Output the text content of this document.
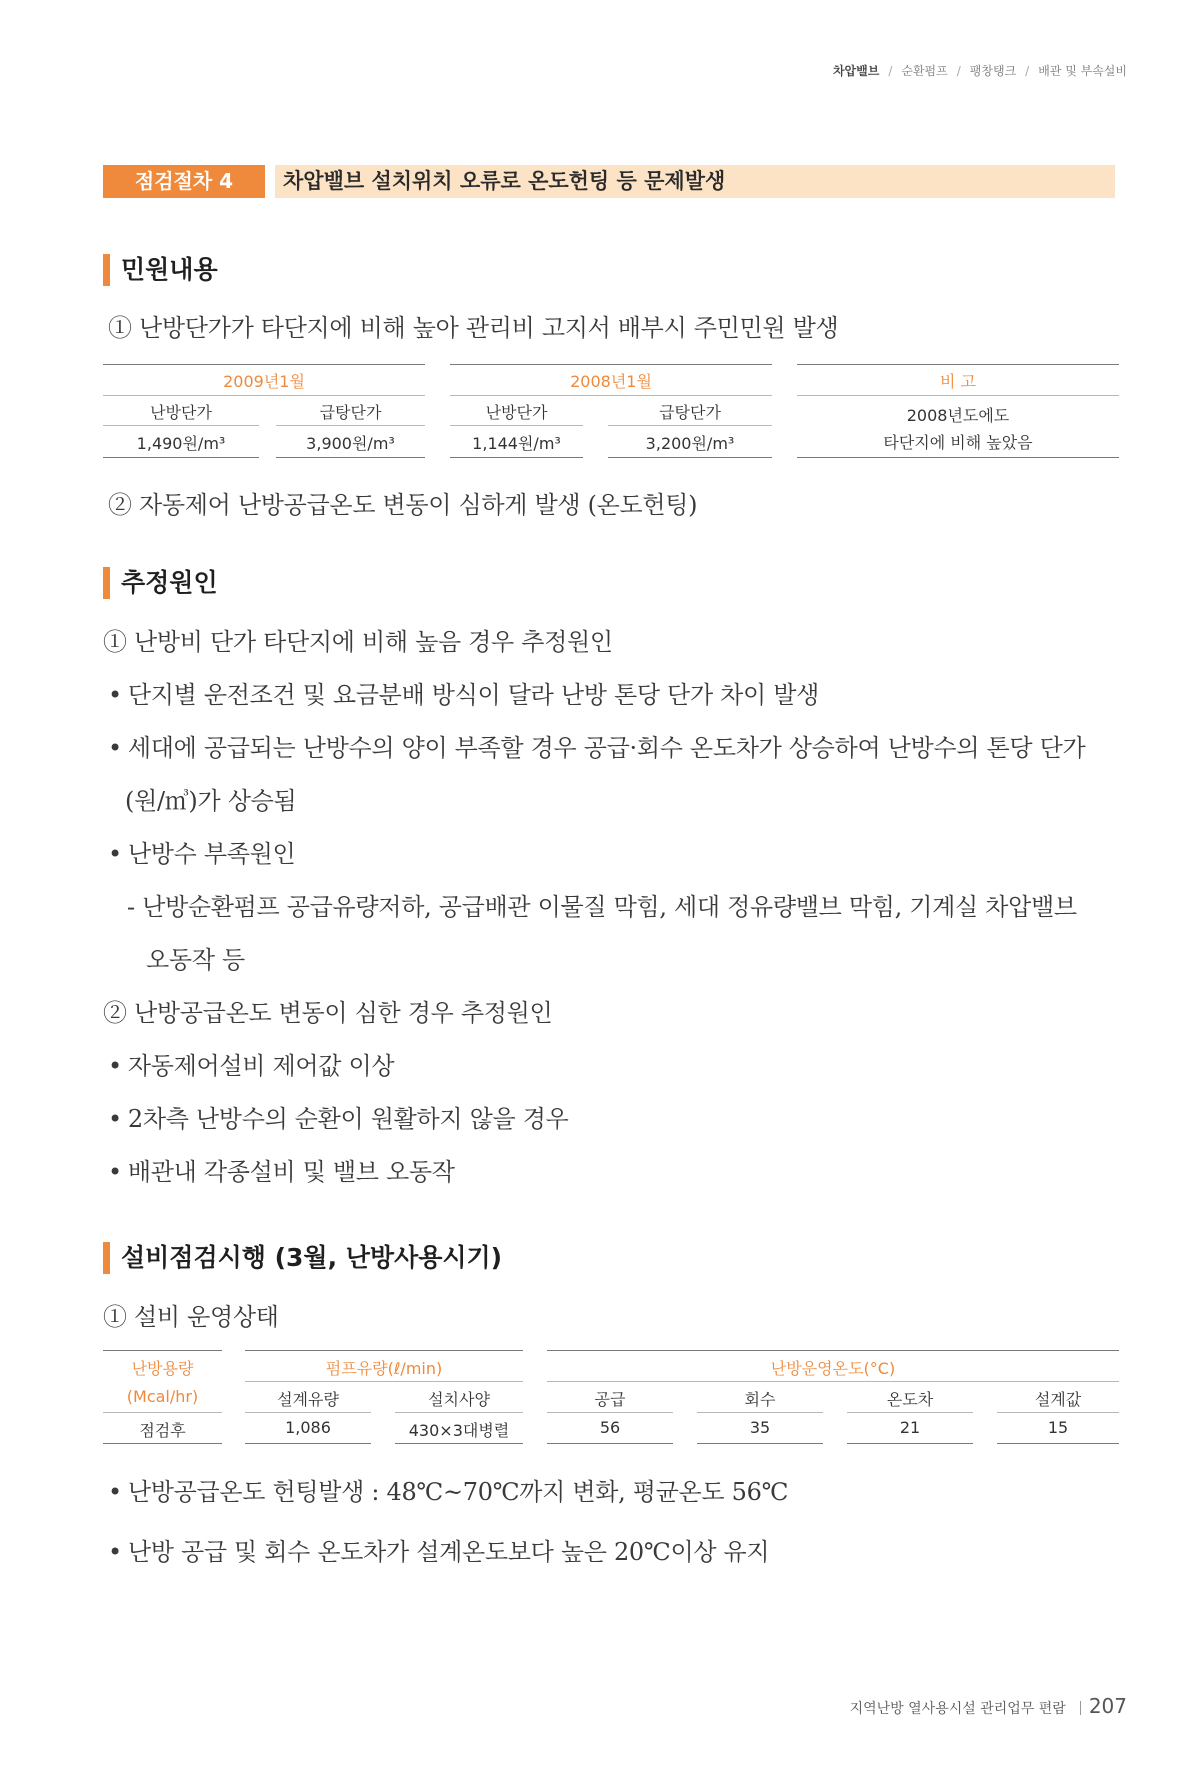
차압밸브 / 순환펌프 / 팽창탱크 / 배관 및 부속설비
점검절차 4	차압밸브 설치위치 오류로 온도헌팅 등 문제발생
민원내용
① 난방단가가 타단지에 비해 높아 관리비 고지서 배부시 주민민원 발생
2009년1월	2008년1월	비 고
난방단가	급탕단가	난방단가	급탕단가	2008년도에도
1,490원/m³	3,900원/m³	1,144원/m³	3,200원/m³	타단지에 비해 높았음
② 자동제어 난방공급온도 변동이 심하게 발생 (온도헌팅)
추정원인
① 난방비 단가 타단지에 비해 높음 경우 추정원인
• 단지별 운전조건 및 요금분배 방식이 달라 난방 톤당 단가 차이 발생
• 세대에 공급되는 난방수의 양이 부족할 경우 공급·회수 온도차가 상승하여 난방수의 톤당 단가
(원/㎥)가 상승됨
• 난방수 부족원인
- 난방순환펌프 공급유량저하, 공급배관 이물질 막힘, 세대 정유량밸브 막힘, 기계실 차압밸브
오동작 등
② 난방공급온도 변동이 심한 경우 추정원인
• 자동제어설비 제어값 이상
• 2차측 난방수의 순환이 원활하지 않을 경우
• 배관내 각종설비 및 밸브 오동작
설비점검시행 (3월, 난방사용시기)
① 설비 운영상태
난방용량	펌프유량(ℓ/min)	난방운영온도(°C)
(Mcal/hr)	설계유량	설치사양	공급	회수	온도차	설계값
점검후	1,086	430×3대병렬	56	35	21	15
• 난방공급온도 헌팅발생 : 48℃~70℃까지 변화, 평균온도 56℃
• 난방 공급 및 회수 온도차가 설계온도보다 높은 20℃이상 유지
지역난방 열사용시설 관리업무 편람 207
